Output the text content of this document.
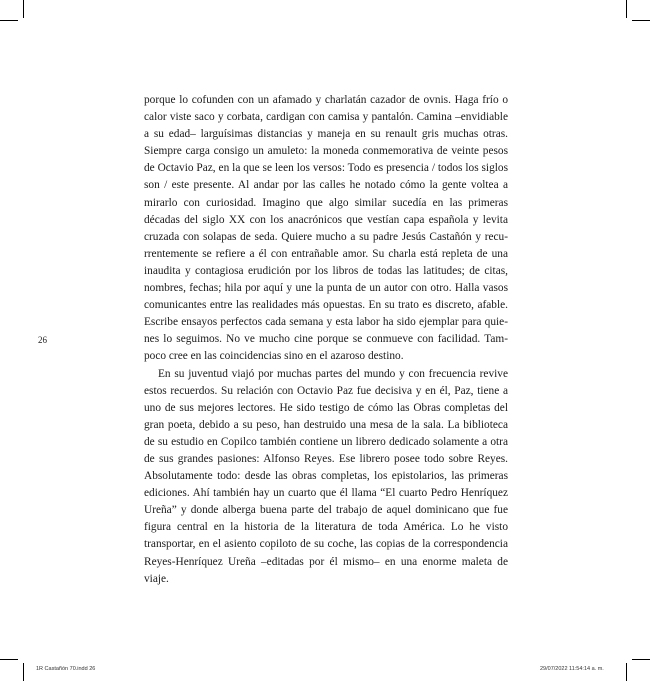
26

porque lo cofunden con un afamado y charlatán cazador de ovnis. Haga frío o calor viste saco y corbata, cardigan con camisa y pantalón. Camina –envidiable a su edad– larguísimas distancias y maneja en su renault gris muchas otras. Siempre carga consigo un amuleto: la moneda conmemorativa de veinte pesos de Octavio Paz, en la que se leen los versos: Todo es presencia / todos los siglos son / este presente. Al andar por las calles he notado cómo la gente voltea a mirarlo con curiosidad. Imagino que algo similar sucedía en las primeras décadas del siglo XX con los anacrónicos que vestían capa española y levita cruzada con solapas de seda. Quiere mucho a su padre Jesús Castañón y recurrentemente se refiere a él con entrañable amor. Su charla está repleta de una inaudita y contagiosa erudición por los libros de todas las latitudes; de citas, nombres, fechas; hila por aquí y une la punta de un autor con otro. Halla vasos comunicantes entre las realidades más opuestas. En su trato es discreto, afable. Escribe ensayos perfectos cada semana y esta labor ha sido ejemplar para quienes lo seguimos. No ve mucho cine porque se conmueve con facilidad. Tampoco cree en las coincidencias sino en el azaroso destino.

En su juventud viajó por muchas partes del mundo y con frecuencia revive estos recuerdos. Su relación con Octavio Paz fue decisiva y en él, Paz, tiene a uno de sus mejores lectores. He sido testigo de cómo las Obras completas del gran poeta, debido a su peso, han destruido una mesa de la sala. La biblioteca de su estudio en Copilco también contiene un librero dedicado solamente a otra de sus grandes pasiones: Alfonso Reyes. Ese librero posee todo sobre Reyes. Absolutamente todo: desde las obras completas, los epistolarios, las primeras ediciones. Ahí también hay un cuarto que él llama “El cuarto Pedro Henríquez Ureña” y donde alberga buena parte del trabajo de aquel dominicano que fue figura central en la historia de la literatura de toda América. Lo he visto transportar, en el asiento copiloto de su coche, las copias de la correspondencia Reyes-Henríquez Ureña –editadas por él mismo– en una enorme maleta de viaje.

1R Castañón 70.indd 26	29/07/2022 11:54:14 a. m.
